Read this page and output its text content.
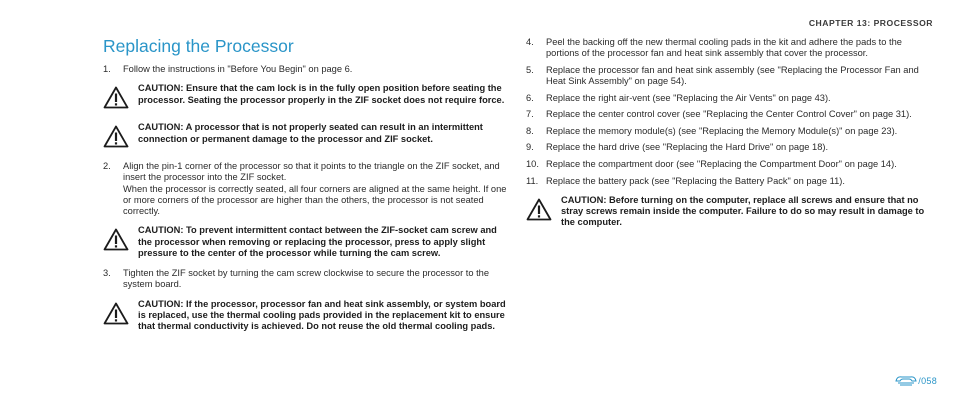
CHAPTER 13: PROCESSOR
Replacing the Processor
1. Follow the instructions in "Before You Begin" on page 6.
CAUTION: Ensure that the cam lock is in the fully open position before seating the processor. Seating the processor properly in the ZIF socket does not require force.
CAUTION: A processor that is not properly seated can result in an intermittent connection or permanent damage to the processor and ZIF socket.
2. Align the pin-1 corner of the processor so that it points to the triangle on the ZIF socket, and insert the processor into the ZIF socket.
When the processor is correctly seated, all four corners are aligned at the same height. If one or more corners of the processor are higher than the others, the processor is not seated correctly.
CAUTION: To prevent intermittent contact between the ZIF-socket cam screw and the processor when removing or replacing the processor, press to apply slight pressure to the center of the processor while turning the cam screw.
3. Tighten the ZIF socket by turning the cam screw clockwise to secure the processor to the system board.
CAUTION: If the processor, processor fan and heat sink assembly, or system board is replaced, use the thermal cooling pads provided in the replacement kit to ensure that thermal conductivity is achieved. Do not reuse the old thermal cooling pads.
4. Peel the backing off the new thermal cooling pads in the kit and adhere the pads to the portions of the processor fan and heat sink assembly that cover the processor.
5. Replace the processor fan and heat sink assembly (see "Replacing the Processor Fan and Heat Sink Assembly" on page 54).
6. Replace the right air-vent (see "Replacing the Air Vents" on page 43).
7. Replace the center control cover (see "Replacing the Center Control Cover" on page 31).
8. Replace the memory module(s) (see "Replacing the Memory Module(s)" on page 23).
9. Replace the hard drive (see "Replacing the Hard Drive" on page 18).
10. Replace the compartment door (see "Replacing the Compartment Door" on page 14).
11. Replace the battery pack (see "Replacing the Battery Pack" on page 11).
CAUTION: Before turning on the computer, replace all screws and ensure that no stray screws remain inside the computer. Failure to do so may result in damage to the computer.
/058
